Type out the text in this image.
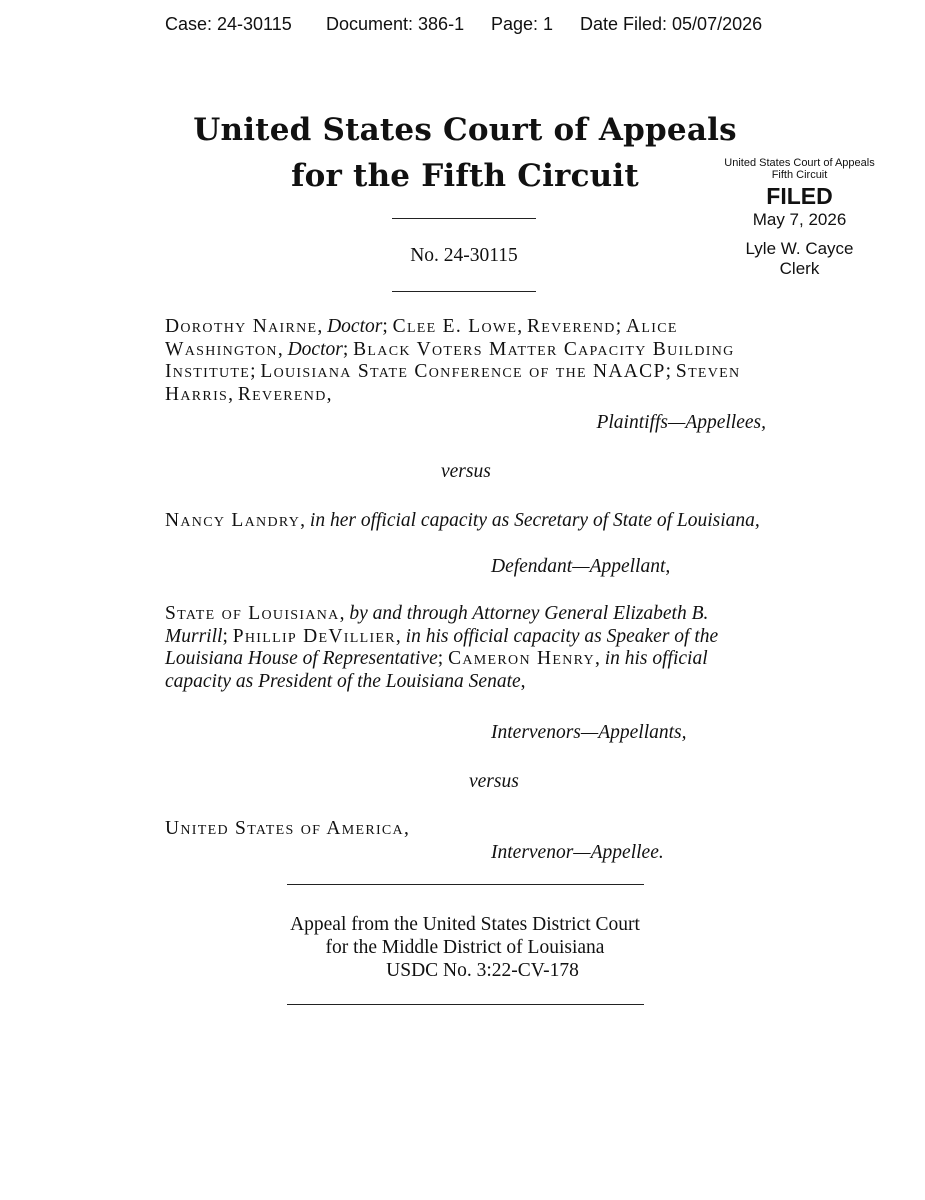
Case: 24-30115 Document: 386-1 Page: 1 Date Filed: 05/07/2026
United States Court of Appeals
for the Fifth Circuit	United States Court of Appeals
Fifth Circuit
FILED
May 7, 2026
Lyle W. Cayce
Clerk
No. 24-30115
Dorothy Nairne, Doctor; Clee E. Lowe, Reverend; Alice Washington, Doctor; Black Voters Matter Capacity Building Institute; Louisiana State Conference of the NAACP; Steven Harris, Reverend,
Plaintiffs—Appellees,
versus
Nancy Landry, in her official capacity as Secretary of State of Louisiana,
Defendant—Appellant,
State of Louisiana, by and through Attorney General Elizabeth B. Murrill; Phillip DeVillier, in his official capacity as Speaker of the Louisiana House of Representative; Cameron Henry, in his official capacity as President of the Louisiana Senate,
Intervenors—Appellants,
versus
United States of America,
Intervenor—Appellee.
Appeal from the United States District Court
for the Middle District of Louisiana
USDC No. 3:22-CV-178
